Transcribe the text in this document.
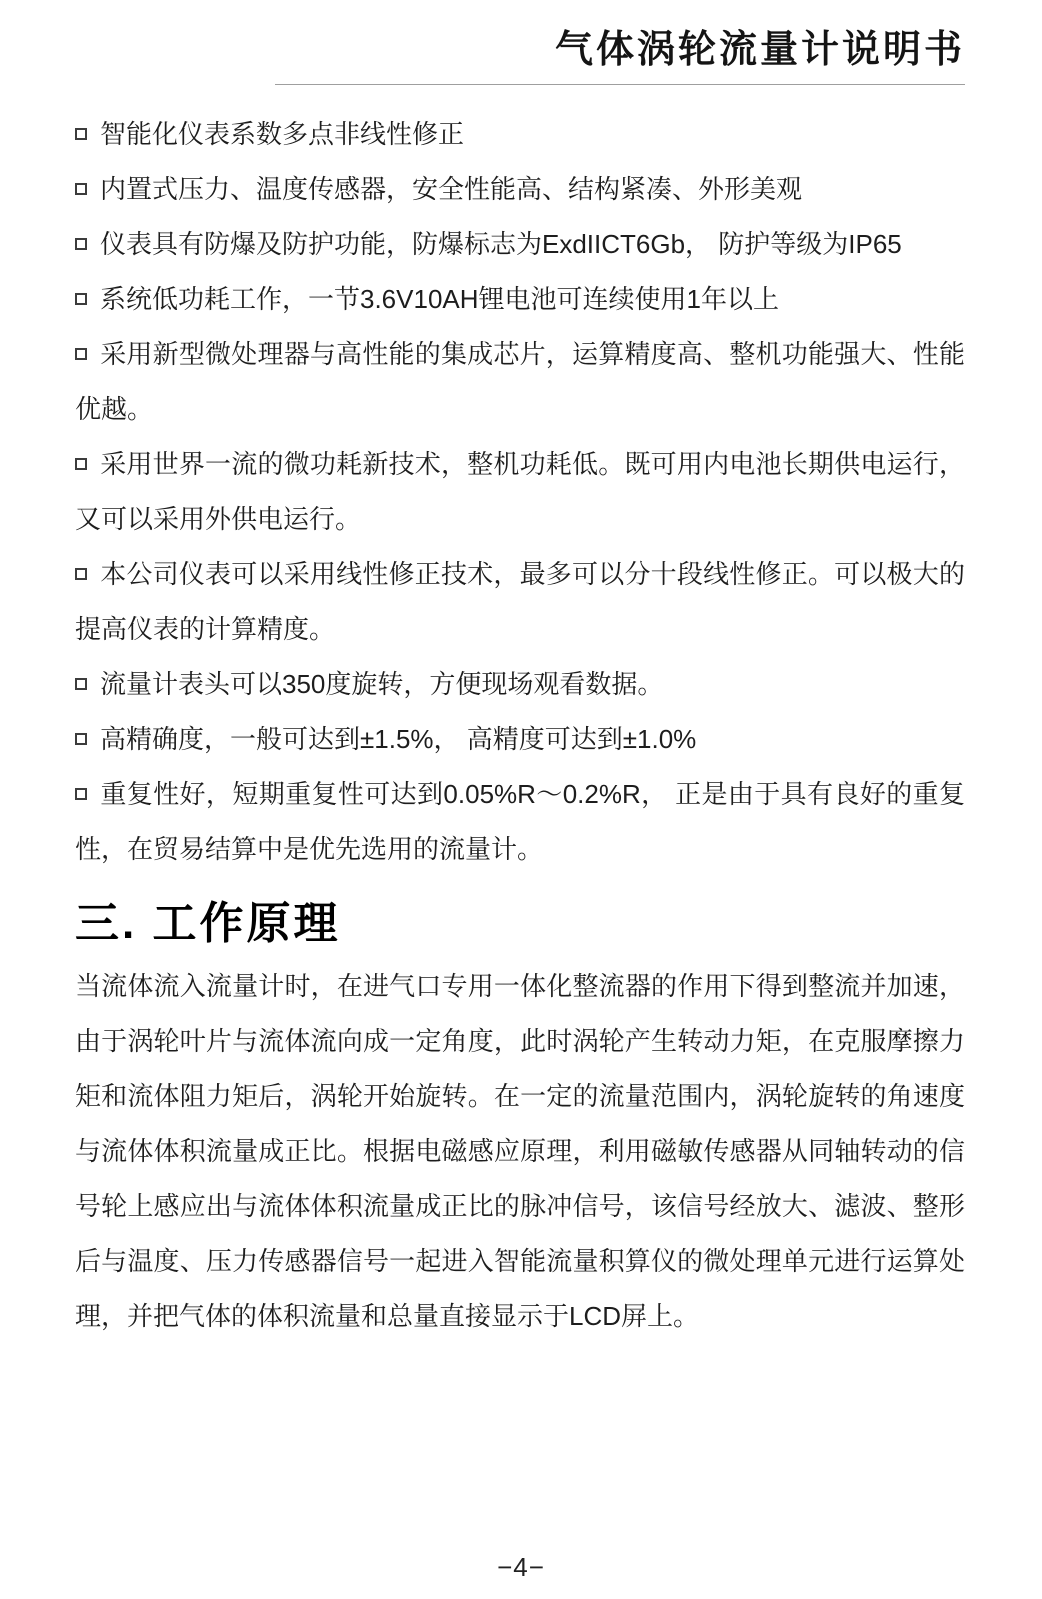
气体涡轮流量计说明书

智能化仪表系数多点非线性修正

内置式压力、温度传感器，安全性能高、结构紧凑、外形美观

仪表具有防爆及防护功能，防爆标志为ExdIICT6Gb， 防护等级为IP65

系统低功耗工作，一节3.6V10AH锂电池可连续使用1年以上

采用新型微处理器与高性能的集成芯片，运算精度高、整机功能强大、性能优越。

采用世界一流的微功耗新技术，整机功耗低。既可用内电池长期供电运行，又可以采用外供电运行。

本公司仪表可以采用线性修正技术，最多可以分十段线性修正。可以极大的提高仪表的计算精度。

流量计表头可以350度旋转，方便现场观看数据。

高精确度，一般可达到±1.5%， 高精度可达到±1.0%

重复性好，短期重复性可达到0.05%R～0.2%R， 正是由于具有良好的重复性，在贸易结算中是优先选用的流量计。

三. 工作原理

当流体流入流量计时，在进气口专用一体化整流器的作用下得到整流并加速，由于涡轮叶片与流体流向成一定角度，此时涡轮产生转动力矩，在克服摩擦力矩和流体阻力矩后，涡轮开始旋转。在一定的流量范围内，涡轮旋转的角速度与流体体积流量成正比。根据电磁感应原理，利用磁敏传感器从同轴转动的信号轮上感应出与流体体积流量成正比的脉冲信号，该信号经放大、滤波、整形后与温度、压力传感器信号一起进入智能流量积算仪的微处理单元进行运算处理，并把气体的体积流量和总量直接显示于LCD屏上。

−4−
